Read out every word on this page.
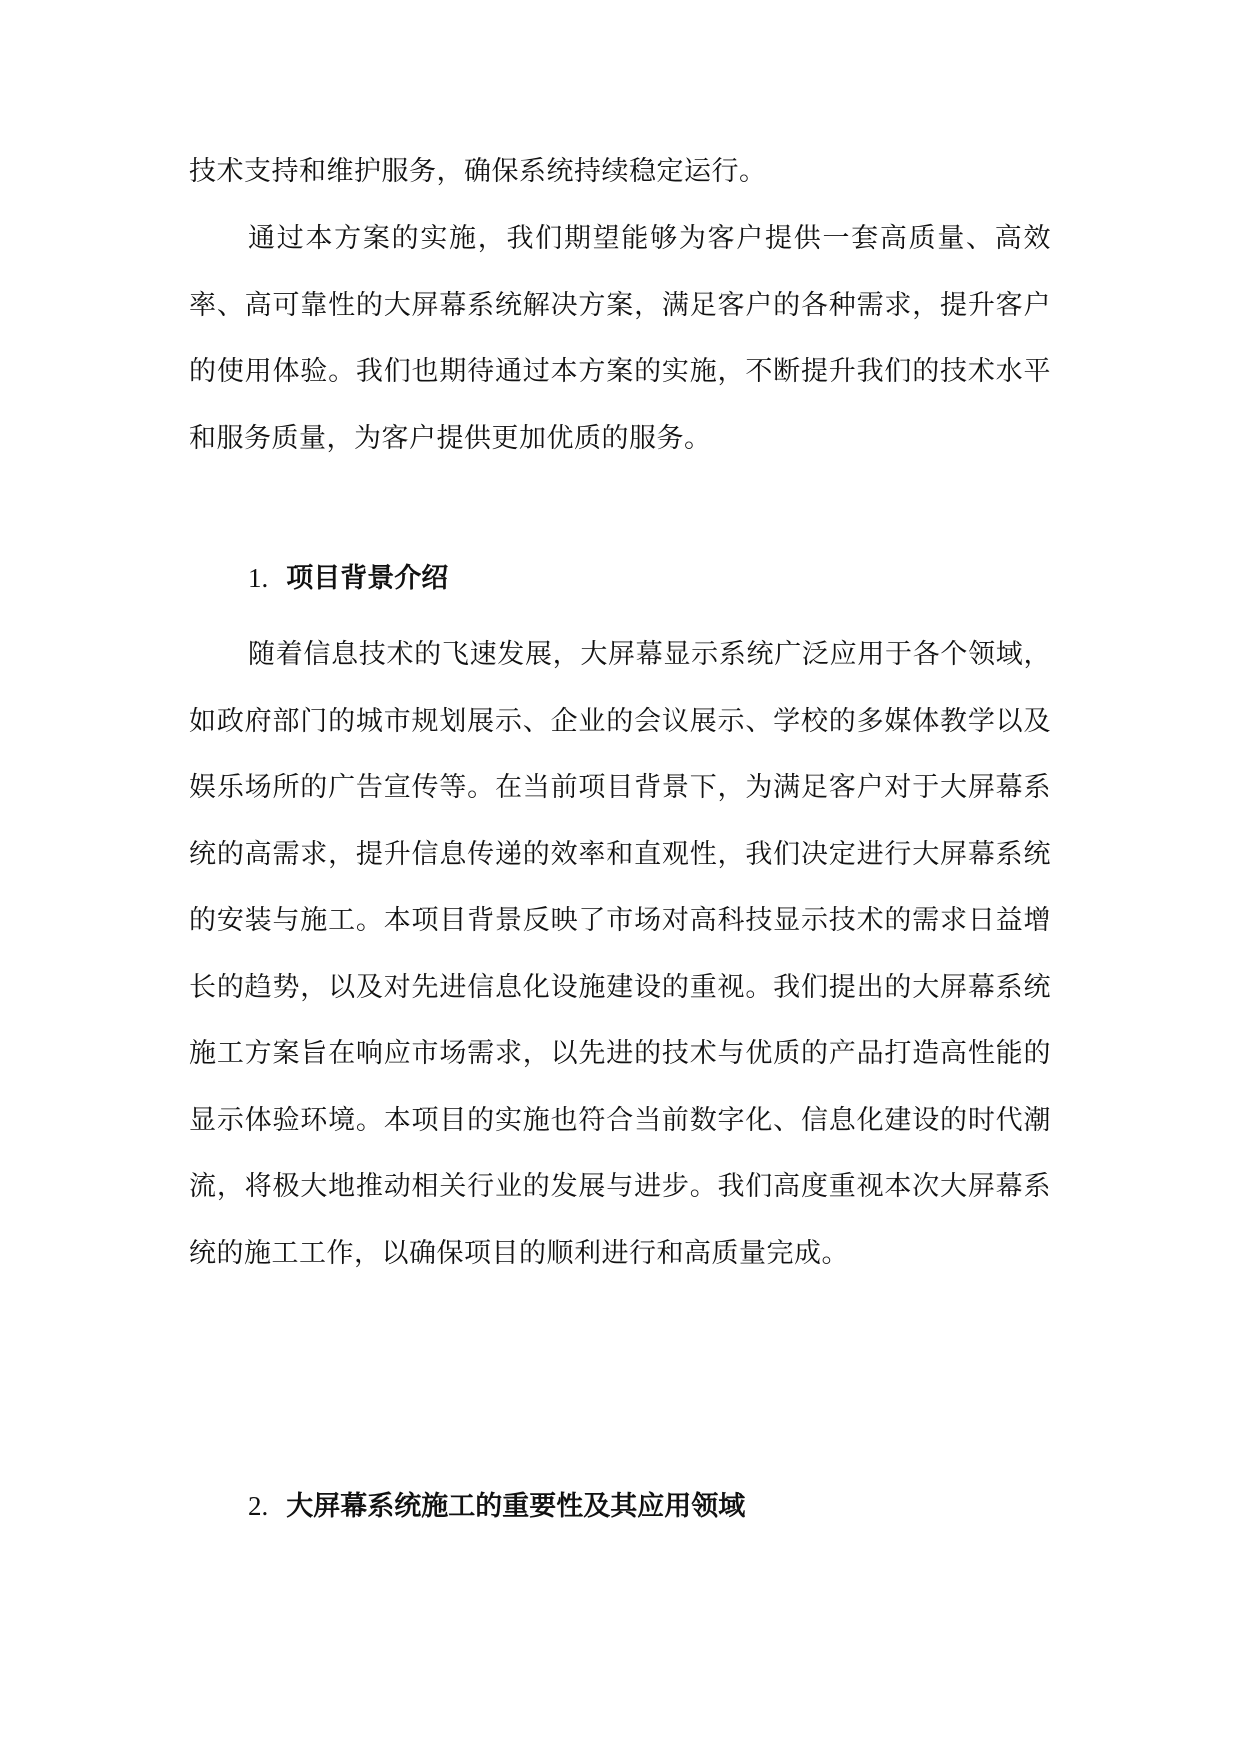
技术支持和维护服务，确保系统持续稳定运行。

通过本方案的实施，我们期望能够为客户提供一套高质量、高效率、高可靠性的大屏幕系统解决方案，满足客户的各种需求，提升客户的使用体验。我们也期待通过本方案的实施，不断提升我们的技术水平和服务质量，为客户提供更加优质的服务。

1. 项目背景介绍

随着信息技术的飞速发展，大屏幕显示系统广泛应用于各个领域，如政府部门的城市规划展示、企业的会议展示、学校的多媒体教学以及娱乐场所的广告宣传等。在当前项目背景下，为满足客户对于大屏幕系统的高需求，提升信息传递的效率和直观性，我们决定进行大屏幕系统的安装与施工。本项目背景反映了市场对高科技显示技术的需求日益增长的趋势，以及对先进信息化设施建设的重视。我们提出的大屏幕系统施工方案旨在响应市场需求，以先进的技术与优质的产品打造高性能的显示体验环境。本项目的实施也符合当前数字化、信息化建设的时代潮流，将极大地推动相关行业的发展与进步。我们高度重视本次大屏幕系统的施工工作，以确保项目的顺利进行和高质量完成。

2. 大屏幕系统施工的重要性及其应用领域
